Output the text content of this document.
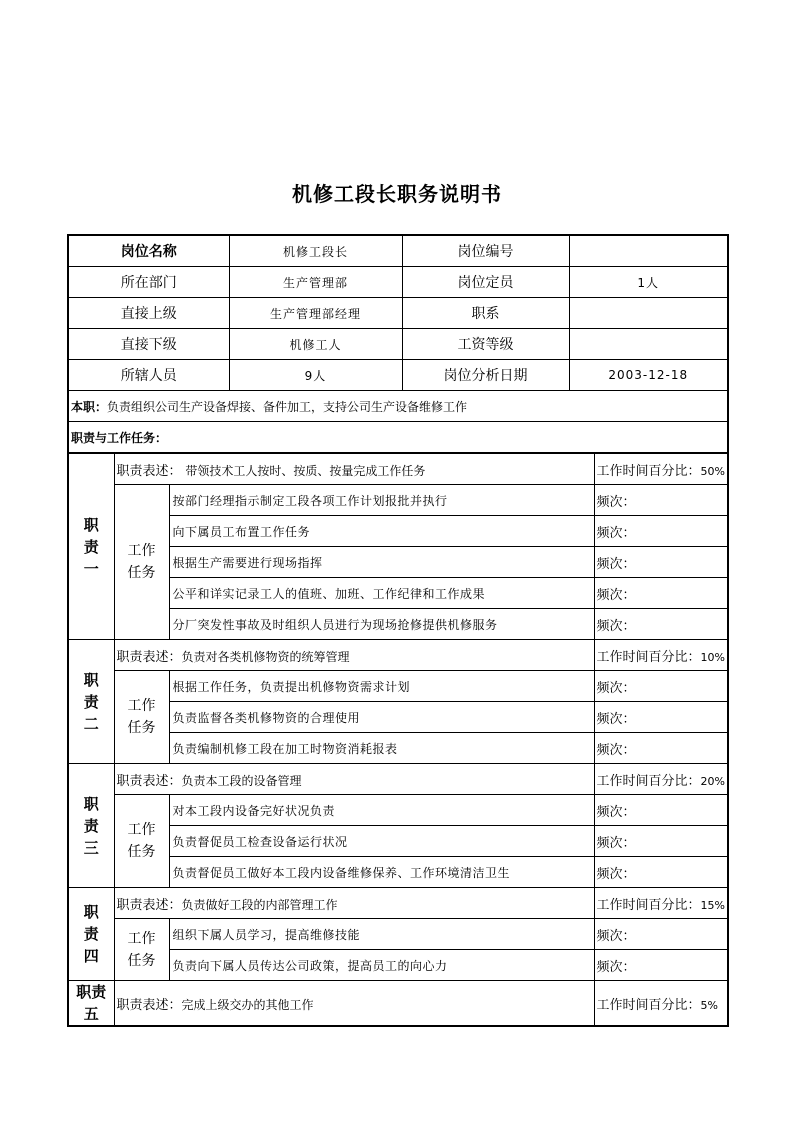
机修工段长职务说明书
岗位名称	机修工段长	岗位编号	
所在部门	生产管理部	岗位定员	1人
直接上级	生产管理部经理	职系	
直接下级	机修工人	工资等级	
所辖人员	9人	岗位分析日期	2003-12-18
本职：负责组织公司生产设备焊接、备件加工，支持公司生产设备维修工作			
职责与工作任务：			
职责一	职责表述： 带领技术工人按时、按质、按量完成工作任务		工作时间百分比：50%
	工作任务	按部门经理指示制定工段各项工作计划报批并执行	频次：
		向下属员工布置工作任务	频次：
		根据生产需要进行现场指挥	频次：
		公平和详实记录工人的值班、加班、工作纪律和工作成果	频次：
		分厂突发性事故及时组织人员进行为现场抢修提供机修服务	频次：
职责二	职责表述：负责对各类机修物资的统筹管理		工作时间百分比：10%
	工作任务	根据工作任务，负责提出机修物资需求计划	频次：
		负责监督各类机修物资的合理使用	频次：
		负责编制机修工段在加工时物资消耗报表	频次：
职责三	职责表述：负责本工段的设备管理		工作时间百分比：20%
	工作任务	对本工段内设备完好状况负责	频次：
		负责督促员工检查设备运行状况	频次：
		负责督促员工做好本工段内设备维修保养、工作环境清洁卫生	频次：
职责四	职责表述：负责做好工段的内部管理工作		工作时间百分比：15%
	工作任务	组织下属人员学习，提高维修技能	频次：
		负责向下属人员传达公司政策，提高员工的向心力	频次：
职责五	职责表述：完成上级交办的其他工作		工作时间百分比：5%
